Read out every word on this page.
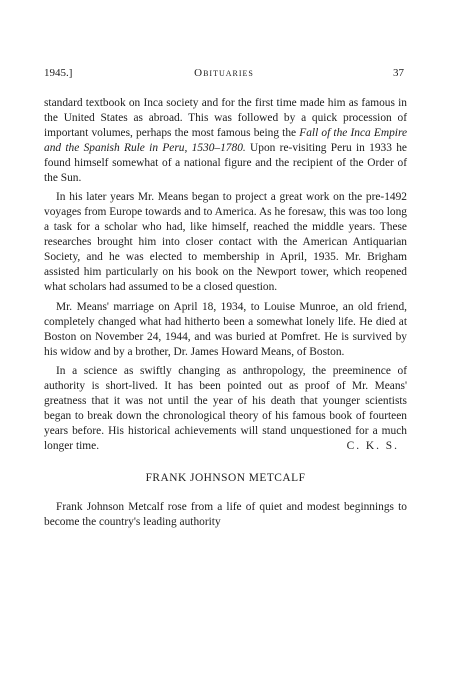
1945.]	Obituaries	37

standard textbook on Inca society and for the first time made him as famous in the United States as abroad. This was followed by a quick procession of important volumes, perhaps the most famous being the Fall of the Inca Empire and the Spanish Rule in Peru, 1530–1780. Upon re-visiting Peru in 1933 he found himself somewhat of a national figure and the recipient of the Order of the Sun.

In his later years Mr. Means began to project a great work on the pre-1492 voyages from Europe towards and to America. As he foresaw, this was too long a task for a scholar who had, like himself, reached the middle years. These researches brought him into closer contact with the American Antiquarian Society, and he was elected to membership in April, 1935. Mr. Brigham assisted him particularly on his book on the Newport tower, which reopened what scholars had assumed to be a closed question.

Mr. Means' marriage on April 18, 1934, to Louise Munroe, an old friend, completely changed what had hitherto been a somewhat lonely life. He died at Boston on November 24, 1944, and was buried at Pomfret. He is survived by his widow and by a brother, Dr. James Howard Means, of Boston.

In a science as swiftly changing as anthropology, the preeminence of authority is short-lived. It has been pointed out as proof of Mr. Means' greatness that it was not until the year of his death that younger scientists began to break down the chronological theory of his famous book of fourteen years before. His historical achievements will stand unquestioned for a much longer time.	C. K. S.

FRANK JOHNSON METCALF

Frank Johnson Metcalf rose from a life of quiet and modest beginnings to become the country's leading authority
